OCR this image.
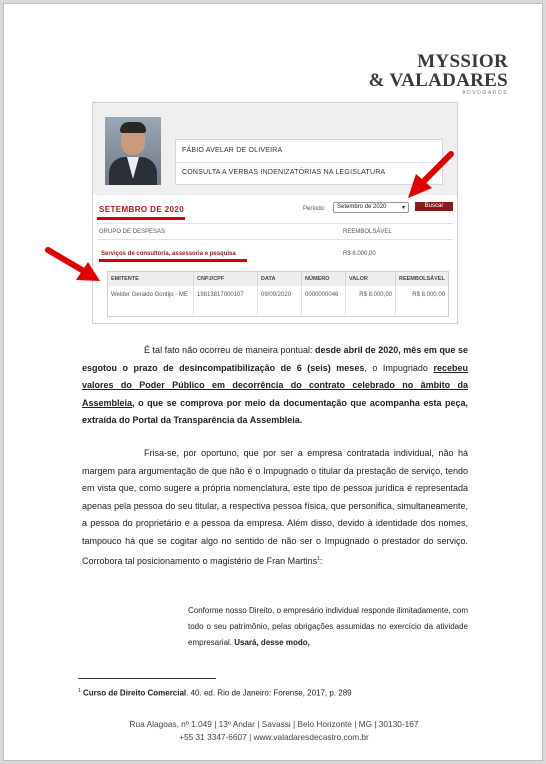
MYSSIOR
& VALADARES
ADVOGADOS
FÁBIO AVELAR DE OLIVEIRA
CONSULTA A VERBAS INDENIZATÓRIAS NA LEGISLATURA
SETEMBRO DE 2020	Período:	Setembro de 2020	▾	Buscar
GRUPO DE DESPESAS	REEMBOLSÁVEL
Serviços de consultoria, assessoria e pesquisa	R$ 8.000,00
EMITENTE	CNPJ/CPF	DATA	NÚMERO	VALOR	REEMBOLSÁVEL
Welder Geraldo Gontijo - ME	19813817000107	09/09/2020	0000000046	R$ 8.000,00	R$ 8.000,00
É tal fato não ocorreu de maneira pontual: desde abril de 2020, mês em que se esgotou o prazo de desincompatibilização de 6 (seis) meses, o Impugnado recebeu valores do Poder Público em decorrência do contrato celebrado no âmbito da Assembleia, o que se comprova por meio da documentação que acompanha esta peça, extraída do Portal da Transparência da Assembleia.
Frisa-se, por oportuno, que por ser a empresa contratada individual, não há margem para argumentação de que não é o Impugnado o titular da prestação de serviço, tendo em vista que, como sugere a própria nomenclatura, este tipo de pessoa jurídica é representada apenas pela pessoa do seu titular, a respectiva pessoa física, que personifica, simultaneamente, a pessoa do proprietário e a pessoa da empresa. Além disso, devido à identidade dos nomes, tampouco há que se cogitar algo no sentido de não ser o Impugnado o prestador do serviço. Corrobora tal posicionamento o magistério de Fran Martins$^1$:
Conforme nosso Direito, o empresário individual responde ilimitadamente, com todo o seu patrimônio, pelas obrigações assumidas no exercício da atividade empresarial. Usará, desse modo,
$^1$ Curso de Direito Comercial. 40. ed. Rio de Janeiro: Forense, 2017, p. 289
Rua Alagoas, nº 1.049 | 13º Andar | Savassi | Belo Horizonte | MG | 30130-167
+55 31 3347-6607 | www.valadaresdecastro.com.br
